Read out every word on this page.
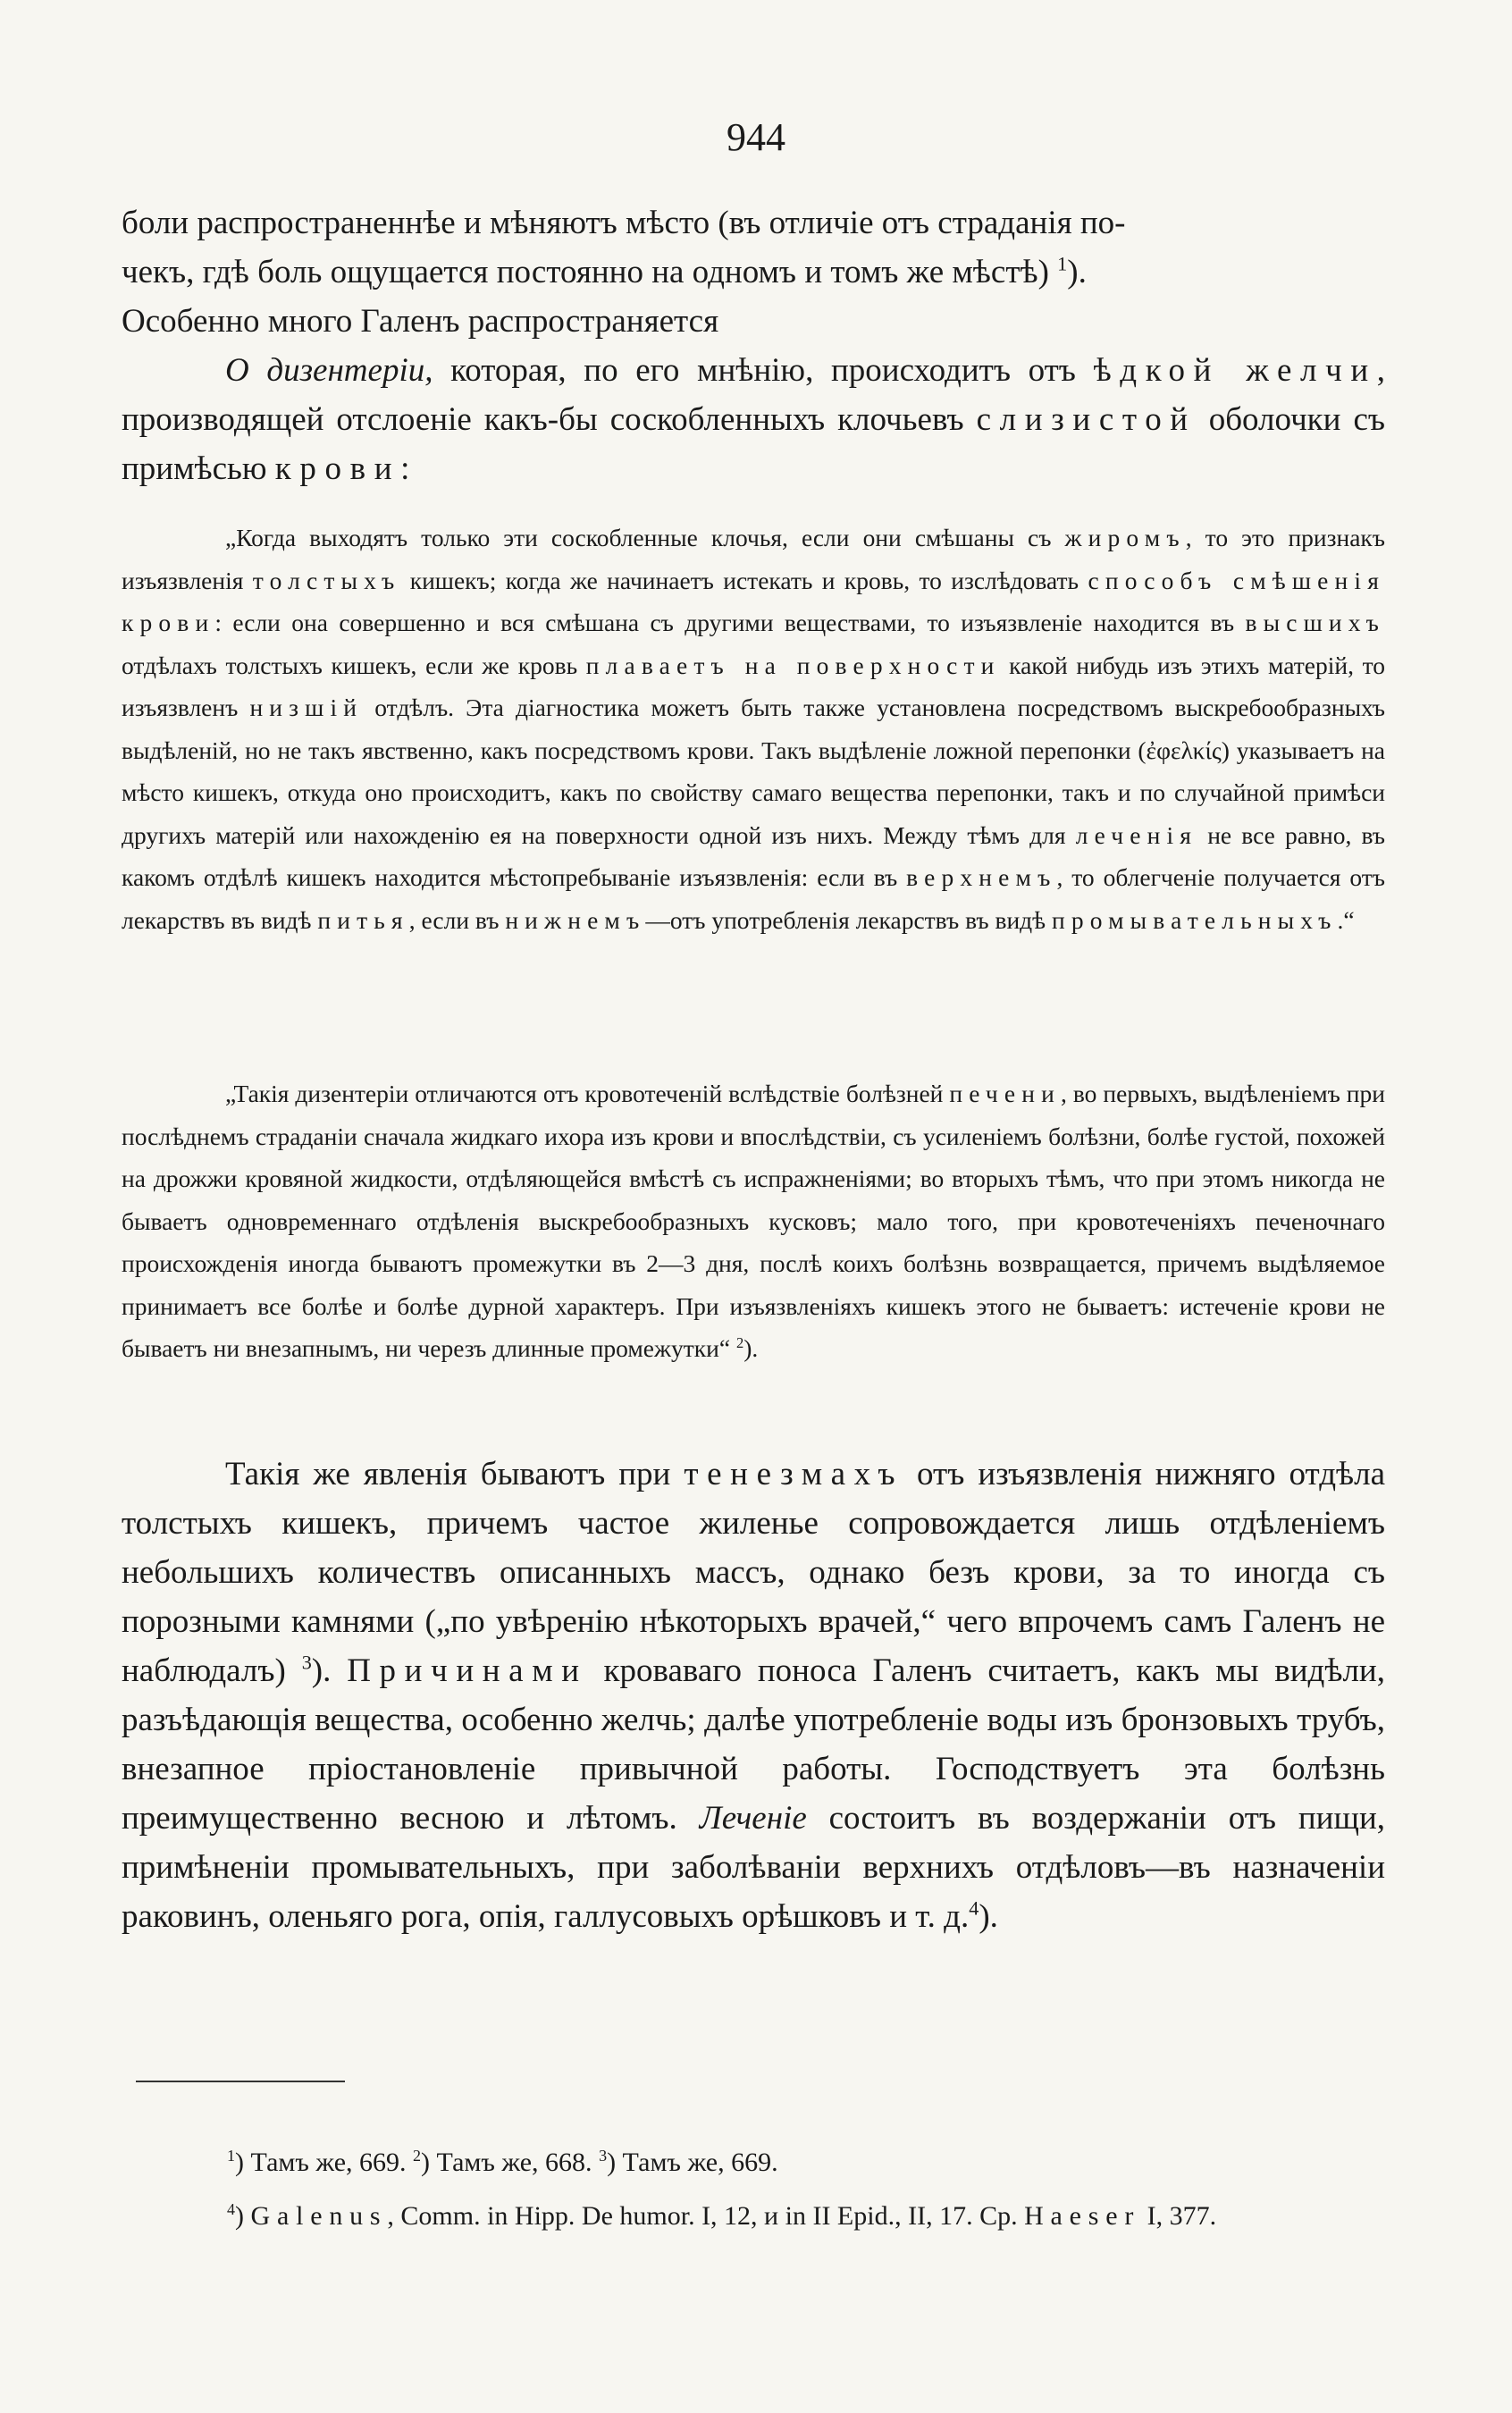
944

боли распространеннѣе и мѣняютъ мѣсто (въ отличіе отъ страданія по-

чекъ, гдѣ боль ощущается постоянно на одномъ и томъ же мѣстѣ) $^1$).

Особенно много Галенъ распространяется

О дизентеріи, которая, по его мнѣнію, происходитъ отъ ѣдкой желчи, производящей отслоеніе какъ-бы соскобленныхъ клочьевъ слизистой оболочки съ примѣсью крови:
„Когда выходятъ только эти соскобленные клочья, если они смѣшаны съ жиромъ, то это признакъ изъязвленія толстыхъ кишекъ; когда же начинаетъ истекать и кровь, то изслѣдовать способъ смѣшенія крови: если она совершенно и вся смѣшана съ другими веществами, то изъязвленіе находится въ высшихъ отдѣлахъ толстыхъ кишекъ, если же кровь плаваетъ на поверхности какой нибудь изъ этихъ матерій, то изъязвленъ низшій отдѣлъ. Эта діагностика можетъ быть также установлена посредствомъ выскребообразныхъ выдѣленій, но не такъ явственно, какъ посредствомъ крови. Такъ выдѣленіе ложной перепонки (ἐφελκίς) указываетъ на мѣсто кишекъ, откуда оно происходитъ, какъ по свойству самаго вещества перепонки, такъ и по случайной примѣси другихъ матерій или нахожденію ея на поверхности одной изъ нихъ. Между тѣмъ для леченія не все равно, въ какомъ отдѣлѣ кишекъ находится мѣстопребываніе изъязвленія: если въ верхнемъ, то облегченіе получается отъ лекарствъ въ видѣ питья, если въ нижнемъ—отъ употребленія лекарствъ въ видѣ промывательныхъ.“
„Такія дизентеріи отличаются отъ кровотеченій вслѣдствіе болѣзней печени, во первыхъ, выдѣленіемъ при послѣднемъ страданіи сначала жидкаго ихора изъ крови и впослѣдствіи, съ усиленіемъ болѣзни, болѣе густой, похожей на дрожжи кровяной жидкости, отдѣляющейся вмѣстѣ съ испражненіями; во вторыхъ тѣмъ, что при этомъ никогда не бываетъ одновременнаго отдѣленія выскребообразныхъ кусковъ; мало того, при кровотеченіяхъ печеночнаго происхожденія иногда бываютъ промежутки въ 2—3 дня, послѣ коихъ болѣзнь возвращается, причемъ выдѣляемое принимаетъ все болѣе и болѣе дурной характеръ. При изъязвленіяхъ кишекъ этого не бываетъ: истеченіе крови не бываетъ ни внезапнымъ, ни черезъ длинные промежутки“ $^2$).
Такія же явленія бываютъ при тенезмахъ отъ изъязвленія нижняго отдѣла толстыхъ кишекъ, причемъ частое жиленье сопровождается лишь отдѣленіемъ небольшихъ количествъ описанныхъ массъ, однако безъ крови, за то иногда съ порозными камнями („по увѣренію нѣкоторыхъ врачей,“ чего впрочемъ самъ Галенъ не наблюдалъ) $^3$). Причинами кроваваго поноса Галенъ считаетъ, какъ мы видѣли, разъѣдающія вещества, особенно желчь; далѣе употребленіе воды изъ бронзовыхъ трубъ, внезапное пріостановленіе привычной работы. Господствуетъ эта болѣзнь преимущественно весною и лѣтомъ. Леченіе состоитъ въ воздержаніи отъ пищи, примѣненіи промывательныхъ, при заболѣваніи верхнихъ отдѣловъ—въ назначеніи раковинъ, оленьяго рога, опія, галлусовыхъ орѣшковъ и т. д.$^4$).

$^1$) Тамъ же, 669. $^2$) Тамъ же, 668. $^3$) Тамъ же, 669.

$^4$) Galenus, Comm. in Hipp. De humor. I, 12, и in II Epid., II, 17. Ср. Haeser I, 377.
